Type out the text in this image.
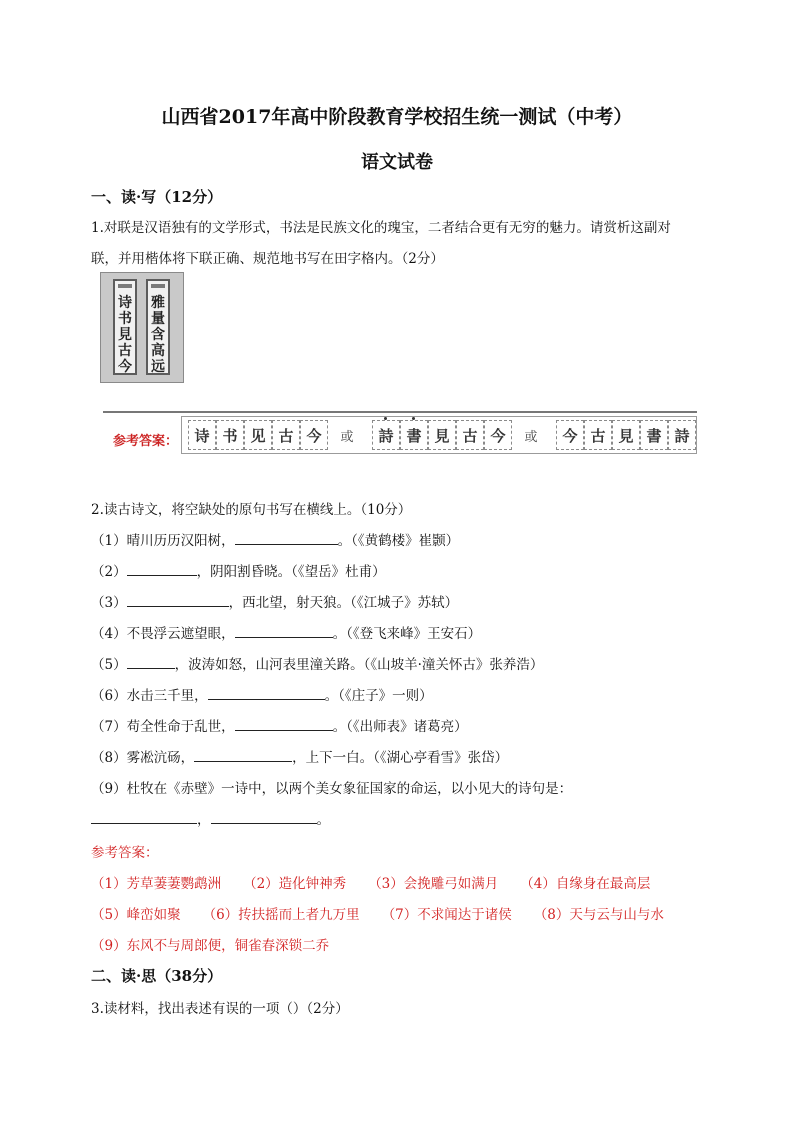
山西省2017年高中阶段教育学校招生统一测试（中考）
语文试卷
一、读·写（12分）
1.对联是汉语独有的文学形式，书法是民族文化的瑰宝，二者结合更有无穷的魅力。请赏析这副对
联，并用楷体将下联正确、规范地书写在田字格内。（2分）
诗
书
見
古
今
雅
量
含
高
远
参考答案：	诗 书 见 古 今	或	詩 書 見 古 今	或	今 古 見 書 詩
2.读古诗文，将空缺处的原句书写在横线上。（10分）
（1）晴川历历汉阳树，	。（《黄鹤楼》崔颢）
（2）	，阴阳割昏晓。（《望岳》杜甫）
（3）	，西北望，射天狼。（《江城子》苏轼）
（4）不畏浮云遮望眼，	。（《登飞来峰》王安石）
（5）	，波涛如怒，山河表里潼关路。（《山坡羊·潼关怀古》张养浩）
（6）水击三千里，	。（《庄子》一则）
（7）苟全性命于乱世，	。（《出师表》诸葛亮）
（8）雾凇沆砀，	，上下一白。（《湖心亭看雪》张岱）
（9）杜牧在《赤壁》一诗中，以两个美女象征国家的命运，以小见大的诗句是：
，	。
参考答案：
（1）芳草萋萋鹦鹉洲 （2）造化钟神秀 （3）会挽雕弓如满月 （4）自缘身在最高层
（5）峰峦如聚 （6）抟扶摇而上者九万里 （7）不求闻达于诸侯 （8）天与云与山与水
（9）东风不与周郎便，铜雀春深锁二乔
二、读·思（38分）
3.读材料，找出表述有误的一项（）（2分）
